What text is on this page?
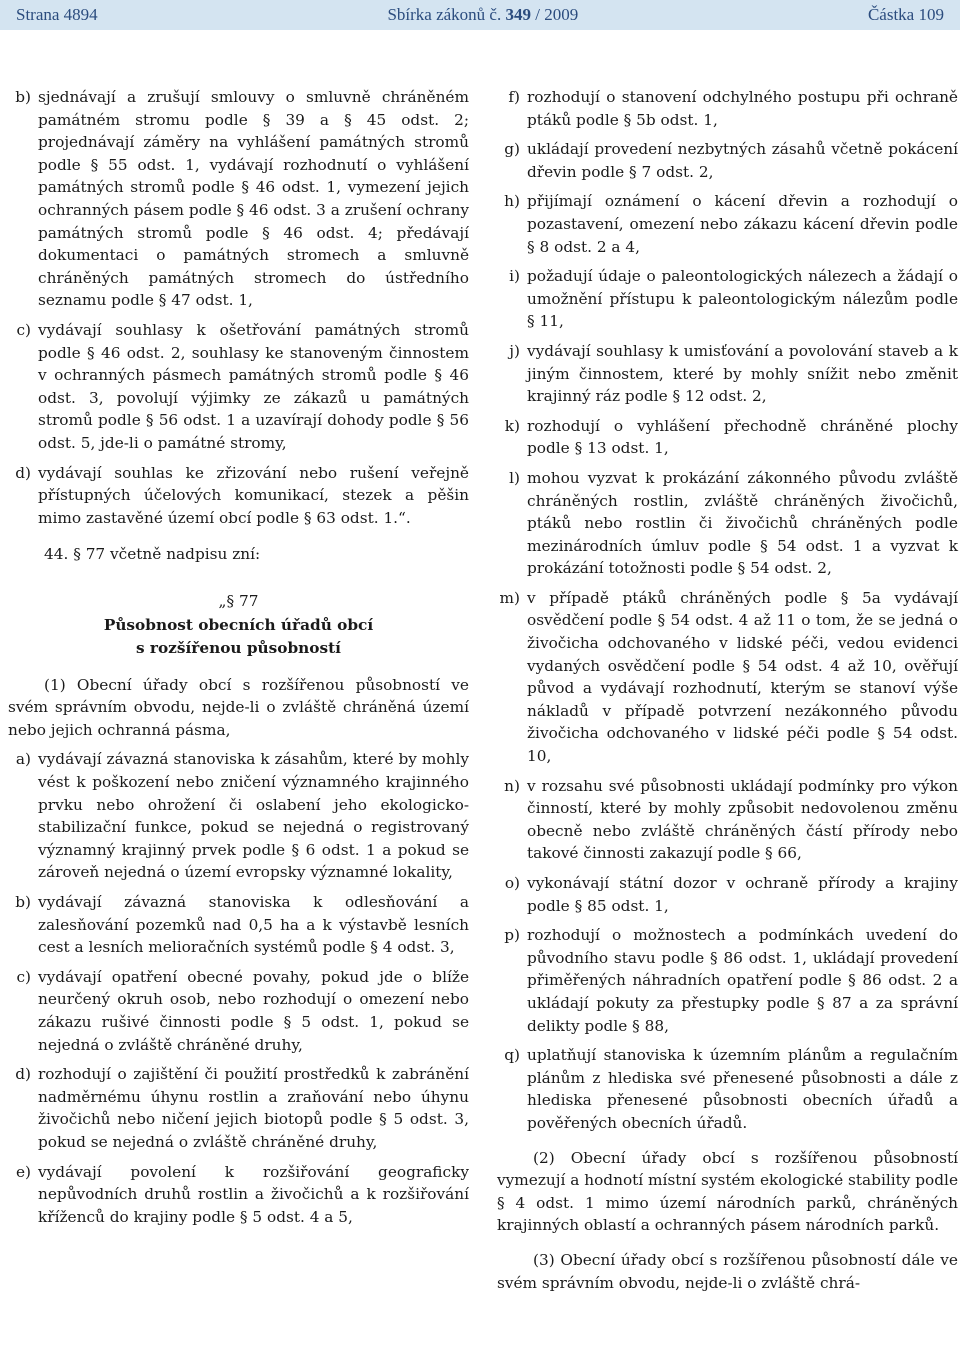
Strana 4894	Sbírka zákonů č. 349 / 2009	Částka 109
b) sjednávají a zrušují smlouvy o smluvně chráněném památném stromu podle § 39 a § 45 odst. 2; projednávají záměry na vyhlášení památných stromů podle § 55 odst. 1, vydávají rozhodnutí o vyhlášení památných stromů podle § 46 odst. 1, vymezení jejich ochranných pásem podle § 46 odst. 3 a zrušení ochrany památných stromů podle § 46 odst. 4; předávají dokumentaci o památných stromech a smluvně chráněných památných stromech do ústředního seznamu podle § 47 odst. 1,
c) vydávají souhlasy k ošetřování památných stromů podle § 46 odst. 2, souhlasy ke stanoveným činnostem v ochranných pásmech památných stromů podle § 46 odst. 3, povolují výjimky ze zákazů u památných stromů podle § 56 odst. 1 a uzavírají dohody podle § 56 odst. 5, jde-li o památné stromy,
d) vydávají souhlas ke zřizování nebo rušení veřejně přístupných účelových komunikací, stezek a pěšin mimo zastavěné území obcí podle § 63 odst. 1.“.

44. § 77 včetně nadpisu zní:

„§ 77

Působnost obecních úřadů obcí

s rozšířenou působností

(1) Obecní úřady obcí s rozšířenou působností ve svém správním obvodu, nejde-li o zvláště chráněná území nebo jejich ochranná pásma,

a) vydávají závazná stanoviska k zásahům, které by mohly vést k poškození nebo zničení významného krajinného prvku nebo ohrožení či oslabení jeho ekologicko-stabilizační funkce, pokud se nejedná o registrovaný významný krajinný prvek podle § 6 odst. 1 a pokud se zároveň nejedná o území evropsky významné lokality,
b) vydávají závazná stanoviska k odlesňování a zalesňování pozemků nad 0,5 ha a k výstavbě lesních cest a lesních melioračních systémů podle § 4 odst. 3,
c) vydávají opatření obecné povahy, pokud jde o blíže neurčený okruh osob, nebo rozhodují o omezení nebo zákazu rušivé činnosti podle § 5 odst. 1, pokud se nejedná o zvláště chráněné druhy,
d) rozhodují o zajištění či použití prostředků k zabránění nadměrnému úhynu rostlin a zraňování nebo úhynu živočichů nebo ničení jejich biotopů podle § 5 odst. 3, pokud se nejedná o zvláště chráněné druhy,
e) vydávají povolení k rozšiřování geograficky nepůvodních druhů rostlin a živočichů a k rozšiřování kříženců do krajiny podle § 5 odst. 4 a 5,
f) rozhodují o stanovení odchylného postupu při ochraně ptáků podle § 5b odst. 1,
g) ukládají provedení nezbytných zásahů včetně pokácení dřevin podle § 7 odst. 2,
h) přijímají oznámení o kácení dřevin a rozhodují o pozastavení, omezení nebo zákazu kácení dřevin podle § 8 odst. 2 a 4,
i) požadují údaje o paleontologických nálezech a žádají o umožnění přístupu k paleontologickým nálezům podle § 11,
j) vydávají souhlasy k umisťování a povolování staveb a k jiným činnostem, které by mohly snížit nebo změnit krajinný ráz podle § 12 odst. 2,
k) rozhodují o vyhlášení přechodně chráněné plochy podle § 13 odst. 1,
l) mohou vyzvat k prokázání zákonného původu zvláště chráněných rostlin, zvláště chráněných živočichů, ptáků nebo rostlin či živočichů chráněných podle mezinárodních úmluv podle § 54 odst. 1 a vyzvat k prokázání totožnosti podle § 54 odst. 2,
m) v případě ptáků chráněných podle § 5a vydávají osvědčení podle § 54 odst. 4 až 11 o tom, že se jedná o živočicha odchovaného v lidské péči, vedou evidenci vydaných osvědčení podle § 54 odst. 4 až 10, ověřují původ a vydávají rozhodnutí, kterým se stanoví výše nákladů v případě potvrzení nezákonného původu živočicha odchovaného v lidské péči podle § 54 odst. 10,
n) v rozsahu své působnosti ukládají podmínky pro výkon činností, které by mohly způsobit nedovolenou změnu obecně nebo zvláště chráněných částí přírody nebo takové činnosti zakazují podle § 66,
o) vykonávají státní dozor v ochraně přírody a krajiny podle § 85 odst. 1,
p) rozhodují o možnostech a podmínkách uvedení do původního stavu podle § 86 odst. 1, ukládají provedení přiměřených náhradních opatření podle § 86 odst. 2 a ukládají pokuty za přestupky podle § 87 a za správní delikty podle § 88,
q) uplatňují stanoviska k územním plánům a regulačním plánům z hlediska své přenesené působnosti a dále z hlediska přenesené působnosti obecních úřadů a pověřených obecních úřadů.

(2) Obecní úřady obcí s rozšířenou působností vymezují a hodnotí místní systém ekologické stability podle § 4 odst. 1 mimo území národních parků, chráněných krajinných oblastí a ochranných pásem národních parků.

(3) Obecní úřady obcí s rozšířenou působností dále ve svém správním obvodu, nejde-li o zvláště chrá-
